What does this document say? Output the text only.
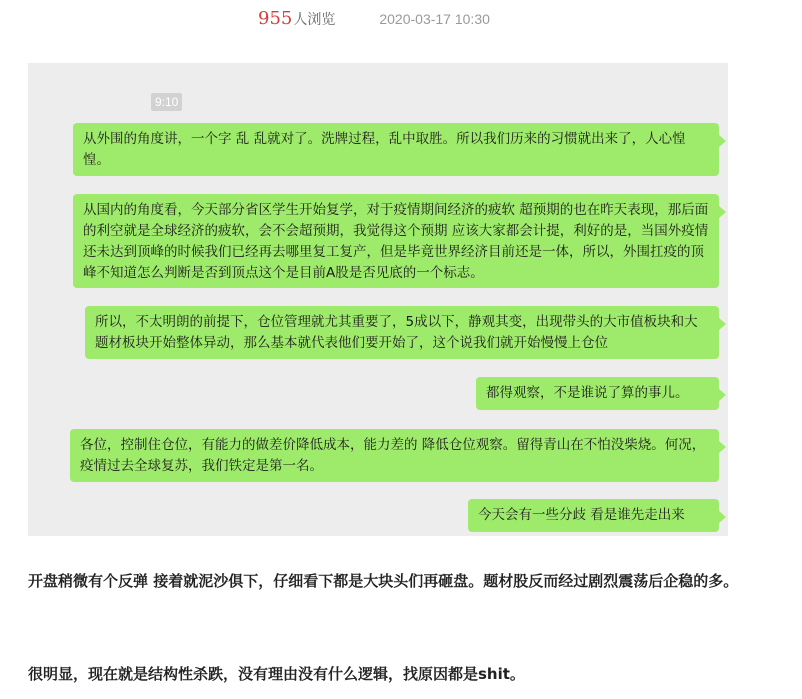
955 人浏览	2020-03-17 10:30
9:10
从外围的角度讲，一个字 乱 乱就对了。洗牌过程，乱中取胜。所以我们历来的习惯就出来了，人心惶惶。
从国内的角度看，今天部分省区学生开始复学，对于疫情期间经济的疲软 超预期的也在昨天表现，那后面的利空就是全球经济的疲软，会不会超预期，我觉得这个预期 应该大家都会计提，利好的是，当国外疫情还未达到顶峰的时候我们已经再去哪里复工复产，但是毕竟世界经济目前还是一体，所以，外围扛疫的顶峰不知道怎么判断是否到顶点这个是目前A股是否见底的一个标志。
所以，不太明朗的前提下，仓位管理就尤其重要了，5成以下，静观其变，出现带头的大市值板块和大题材板块开始整体异动，那么基本就代表他们要开始了，这个说我们就开始慢慢上仓位
都得观察，不是谁说了算的事儿。
各位，控制住仓位，有能力的做差价降低成本，能力差的 降低仓位观察。留得青山在不怕没柴烧。何况，疫情过去全球复苏，我们铁定是第一名。
今天会有一些分歧 看是谁先走出来

开盘稍微有个反弹 接着就泥沙俱下，仔细看下都是大块头们再砸盘。题材股反而经过剧烈震荡后企稳的多。

很明显，现在就是结构性杀跌，没有理由没有什么逻辑，找原因都是shit。
